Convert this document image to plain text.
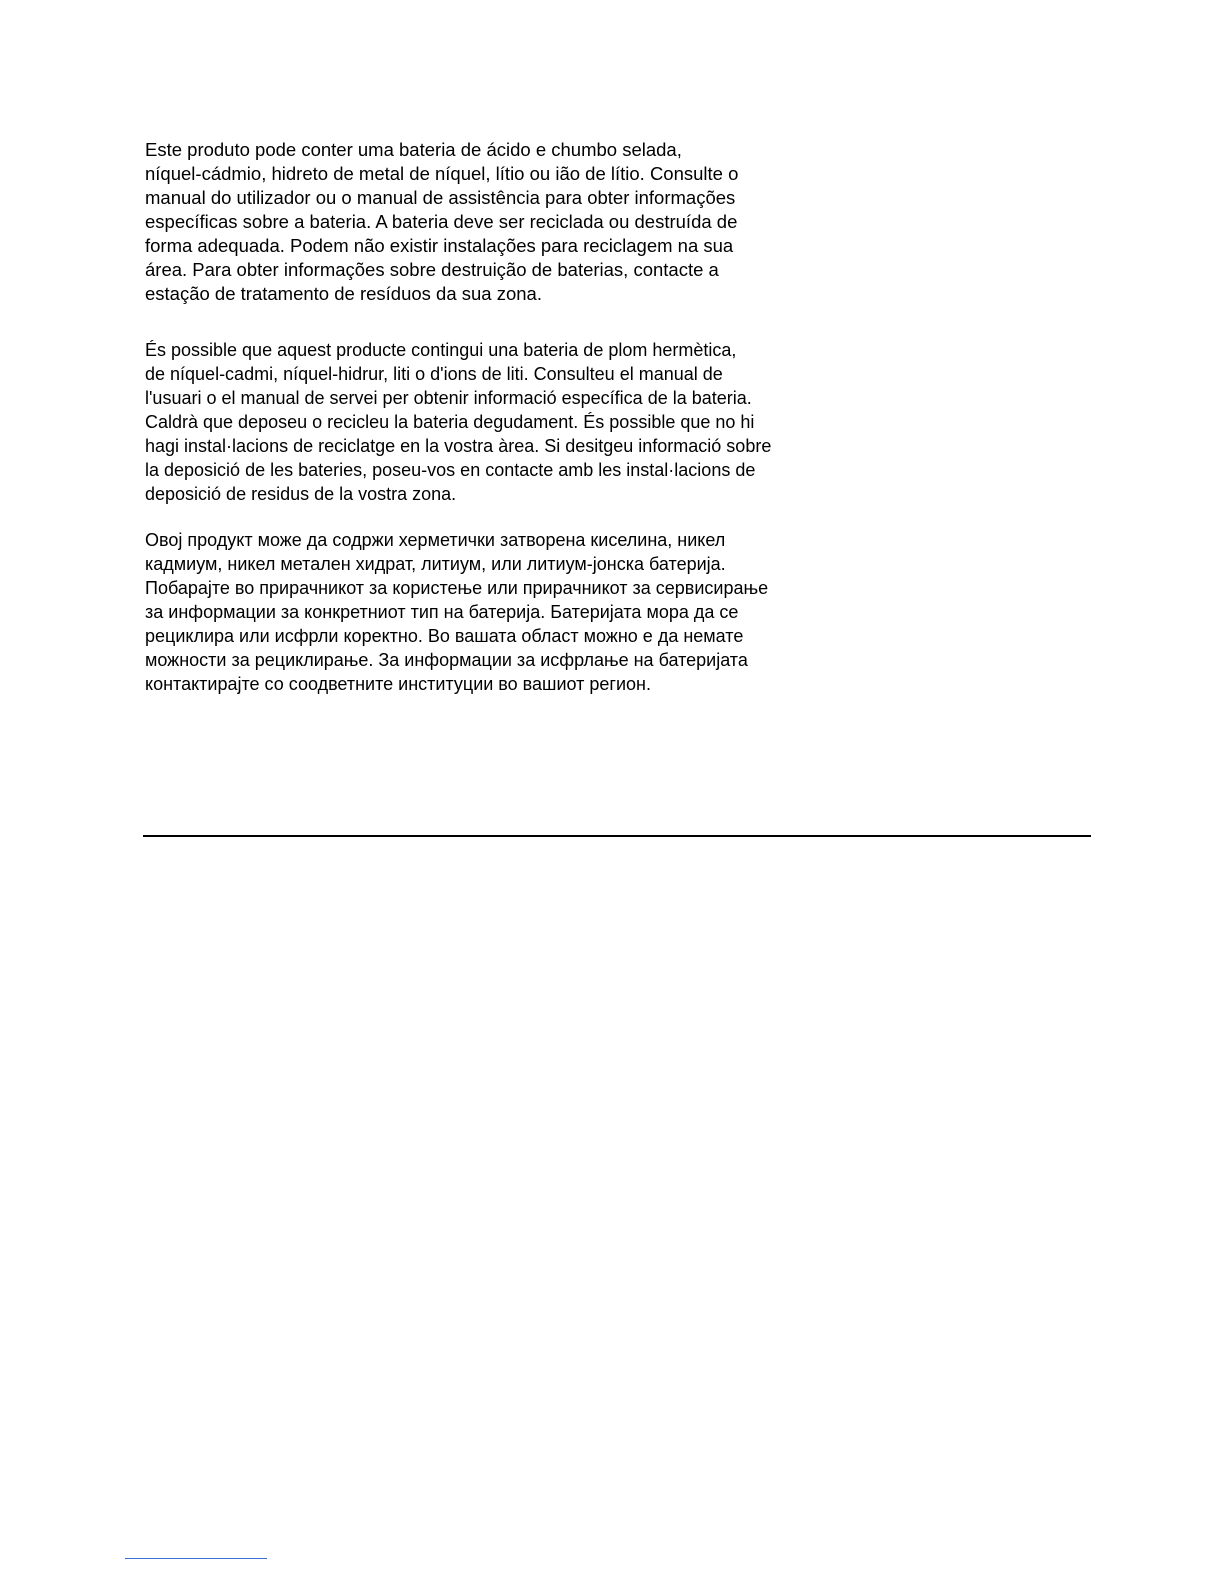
Este produto pode conter uma bateria de ácido e chumbo selada,
níquel-cádmio, hidreto de metal de níquel, lítio ou ião de lítio. Consulte o
manual do utilizador ou o manual de assistência para obter informações
específicas sobre a bateria. A bateria deve ser reciclada ou destruída de
forma adequada. Podem não existir instalações para reciclagem na sua
área. Para obter informações sobre destruição de baterias, contacte a
estação de tratamento de resíduos da sua zona.
És possible que aquest producte contingui una bateria de plom hermètica,
de níquel-cadmi, níquel-hidrur, liti o d'ions de liti. Consulteu el manual de
l'usuari o el manual de servei per obtenir informació específica de la bateria.
Caldrà que deposeu o recicleu la bateria degudament. És possible que no hi
hagi instal·lacions de reciclatge en la vostra àrea. Si desitgeu informació sobre
la deposició de les bateries, poseu-vos en contacte amb les instal·lacions de
deposició de residus de la vostra zona.
Овој продукт може да содржи херметички затворена киселина, никел
кадмиум, никел метален хидрат, литиум, или литиум-јонска батерија.
Побарајте во прирачникот за користење или прирачникот за сервисирање
за информации за конкретниот тип на батерија. Батеријата мора да се
рециклира или исфрли коректно. Во вашата област можно е да немате
можности за рециклирање. За информации за исфрлање на батеријата
контактирајте со соодветните институции во вашиот регион.
